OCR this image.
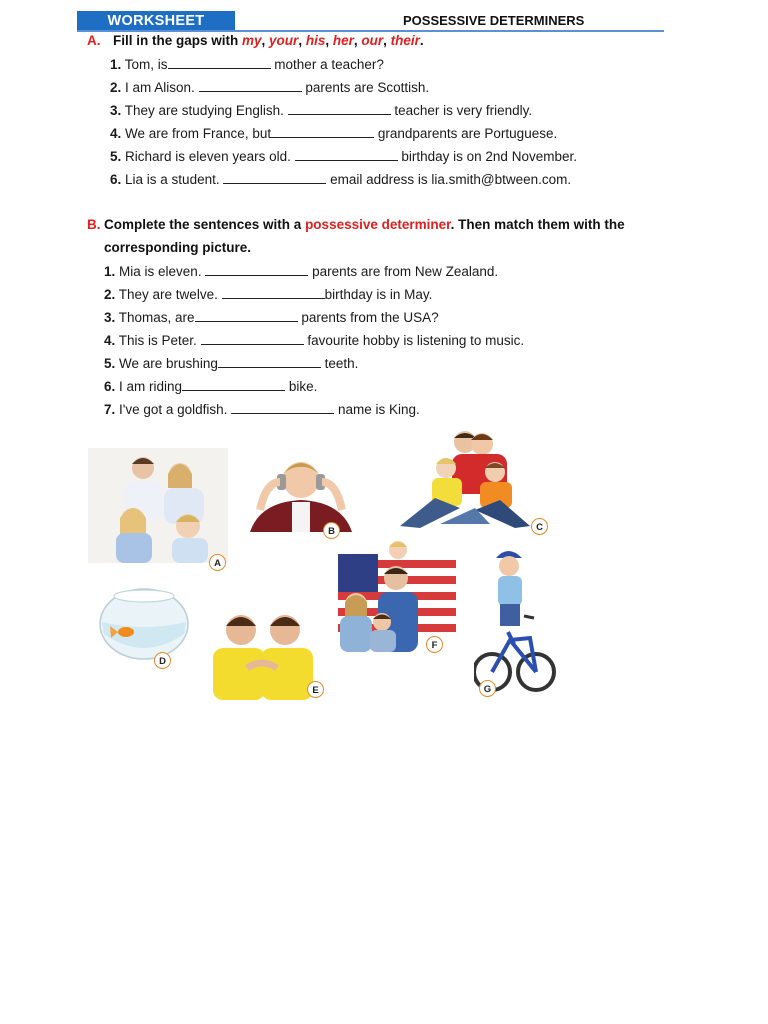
WORKSHEET	POSSESSIVE DETERMINERS
A. Fill in the gaps with my, your, his, her, our, their.
1. Tom, is	mother a teacher?
2. I am Alison.	parents are Scottish.
3. They are studying English.	teacher is very friendly.
4. We are from France, but	grandparents are Portuguese.
5. Richard is eleven years old.	birthday is on 2nd November.
6. Lia is a student.	email address is lia.smith@btween.com.
B. Complete the sentences with a possessive determiner. Then match them with the
corresponding picture.
1. Mia is eleven.	parents are from New Zealand.
2. They are twelve.	birthday is in May.
3. Thomas, are	parents from the USA?
4. This is Peter.	favourite hobby is listening to music.
5. We are brushing	teeth.
6. I am riding	bike.
7. I've got a goldfish.	name is King.
A
B	C
D
E
F
G
